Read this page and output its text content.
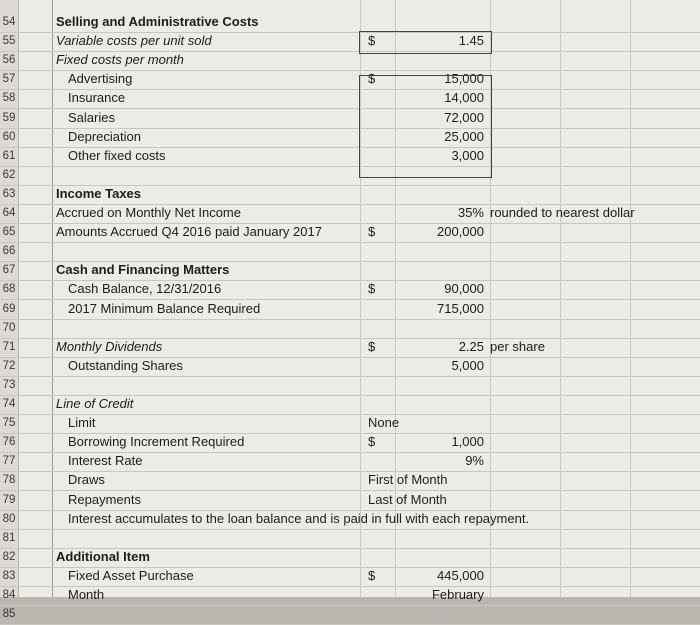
54	Selling and Administrative Costs
55	Variable costs per unit sold	$	1.45
56	Fixed costs per month
57	Advertising	$	15,000
58	Insurance	14,000
59	Salaries	72,000
60	Depreciation	25,000
61	Other fixed costs	3,000
62
63	Income Taxes
64	Accrued on Monthly Net Income	35% rounded to nearest dollar
65	Amounts Accrued Q4 2016 paid January 2017	$	200,000
66
67	Cash and Financing Matters
68	Cash Balance, 12/31/2016	$	90,000
69	2017 Minimum Balance Required	715,000
70
71	Monthly Dividends	$	2.25 per share
72	Outstanding Shares	5,000
73
74	Line of Credit
75	Limit	None
76	Borrowing Increment Required	$	1,000
77	Interest Rate	9%
78	Draws	First of Month
79	Repayments	Last of Month
80	Interest accumulates to the loan balance and is paid in full with each repayment.
81
82	Additional Item
83	Fixed Asset Purchase	$	445,000
84	Month	February
85
